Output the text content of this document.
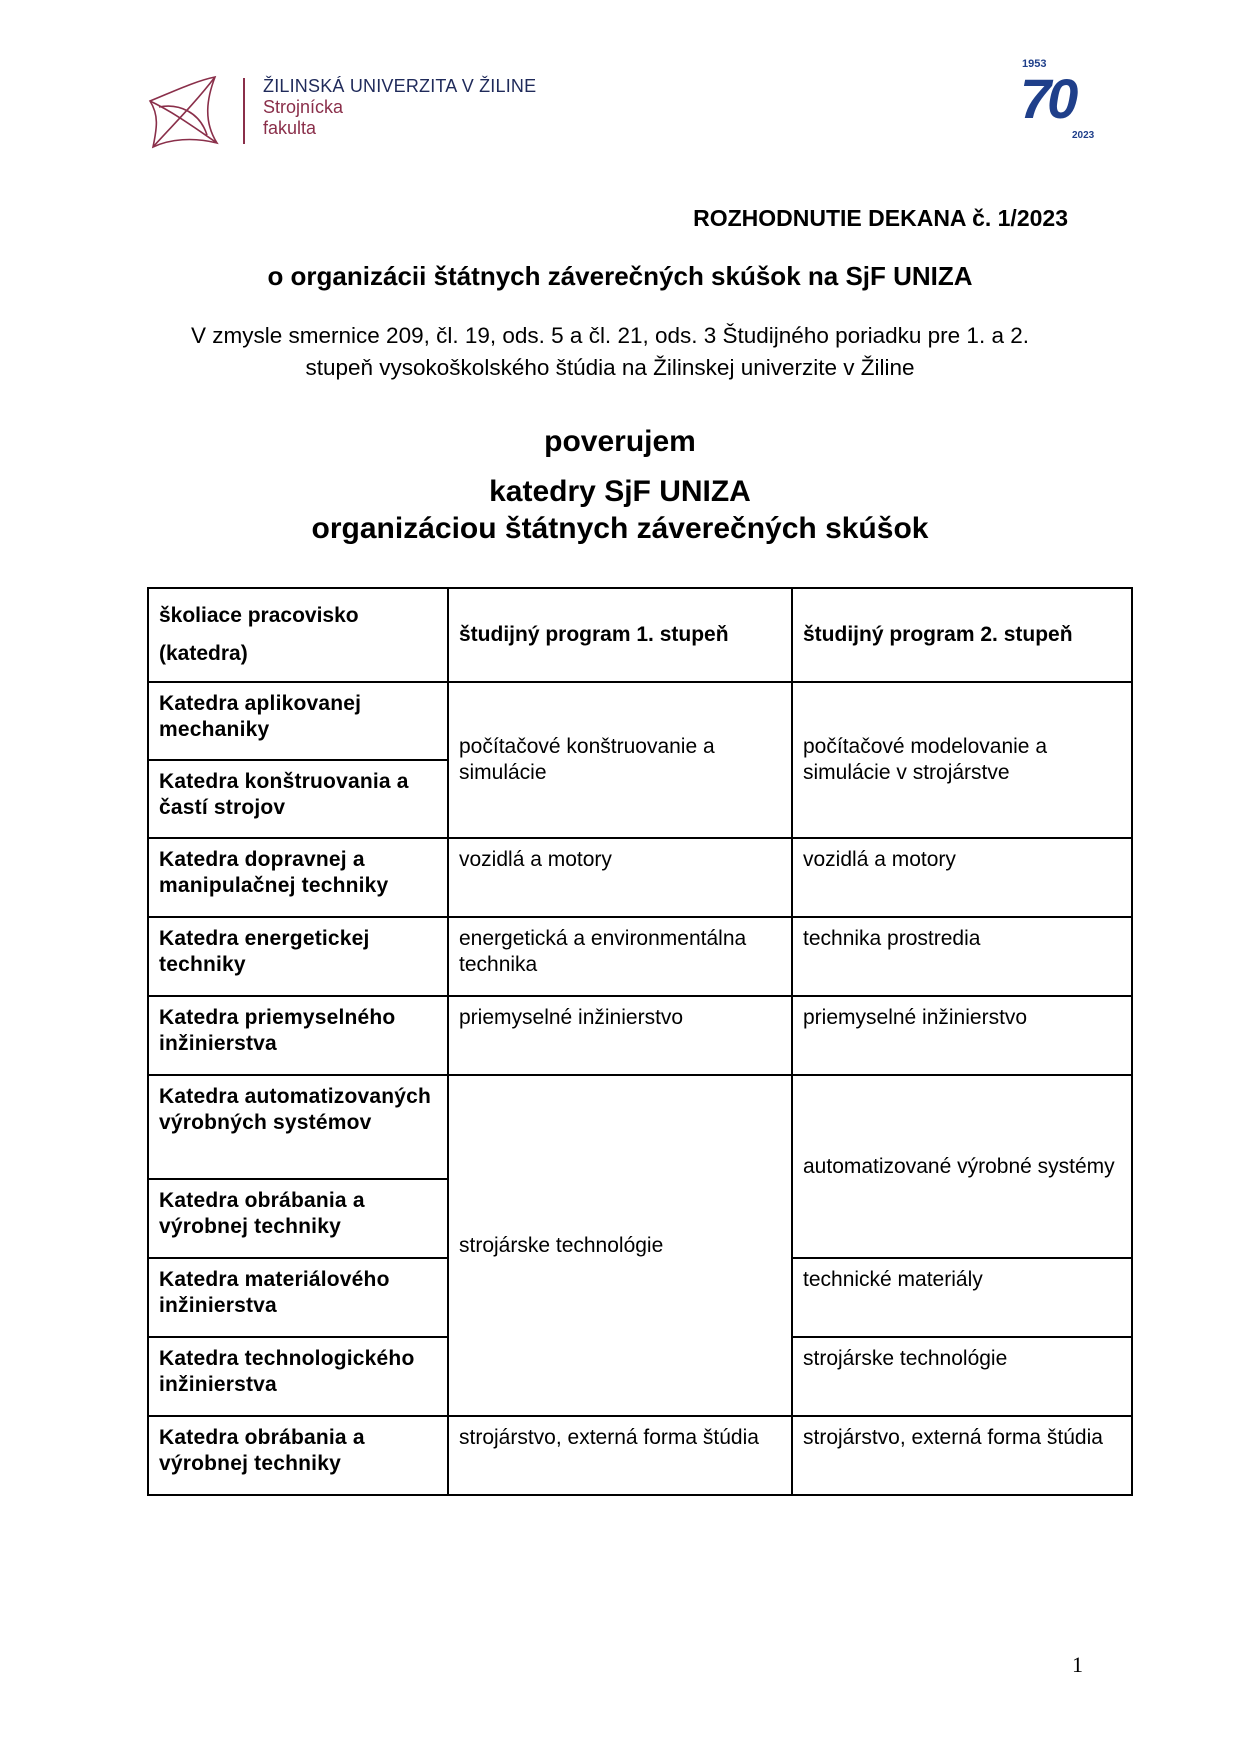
ŽILINSKÁ UNIVERZITA V ŽILINE
Strojnícka
fakulta
1953
70
2023
ROZHODNUTIE DEKANA č. 1/2023
o organizácii štátnych záverečných skúšok na SjF UNIZA
V zmysle smernice 209, čl. 19, ods. 5 a čl. 21, ods. 3 Študijného poriadku pre 1. a 2.
stupeň vysokoškolského štúdia na Žilinskej univerzite v Žiline
poverujem
katedry SjF UNIZA
organizáciou štátnych záverečných skúšok
školiace pracovisko
(katedra)	študijný program 1. stupeň	študijný program 2. stupeň
Katedra aplikovanej mechaniky	počítačové konštruovanie a simulácie	počítačové modelovanie a simulácie v strojárstve
Katedra konštruovania a častí strojov		
Katedra dopravnej a manipulačnej techniky	vozidlá a motory	vozidlá a motory
Katedra energetickej techniky	energetická a environmentálna technika	technika prostredia
Katedra priemyselného inžinierstva	priemyselné inžinierstvo	priemyselné inžinierstvo
Katedra automatizovaných výrobných systémov	strojárske technológie	automatizované výrobné systémy
Katedra obrábania a výrobnej techniky		
Katedra materiálového inžinierstva		technické materiály
Katedra technologického inžinierstva		strojárske technológie
Katedra obrábania a výrobnej techniky	strojárstvo, externá forma štúdia	strojárstvo, externá forma štúdia
1
